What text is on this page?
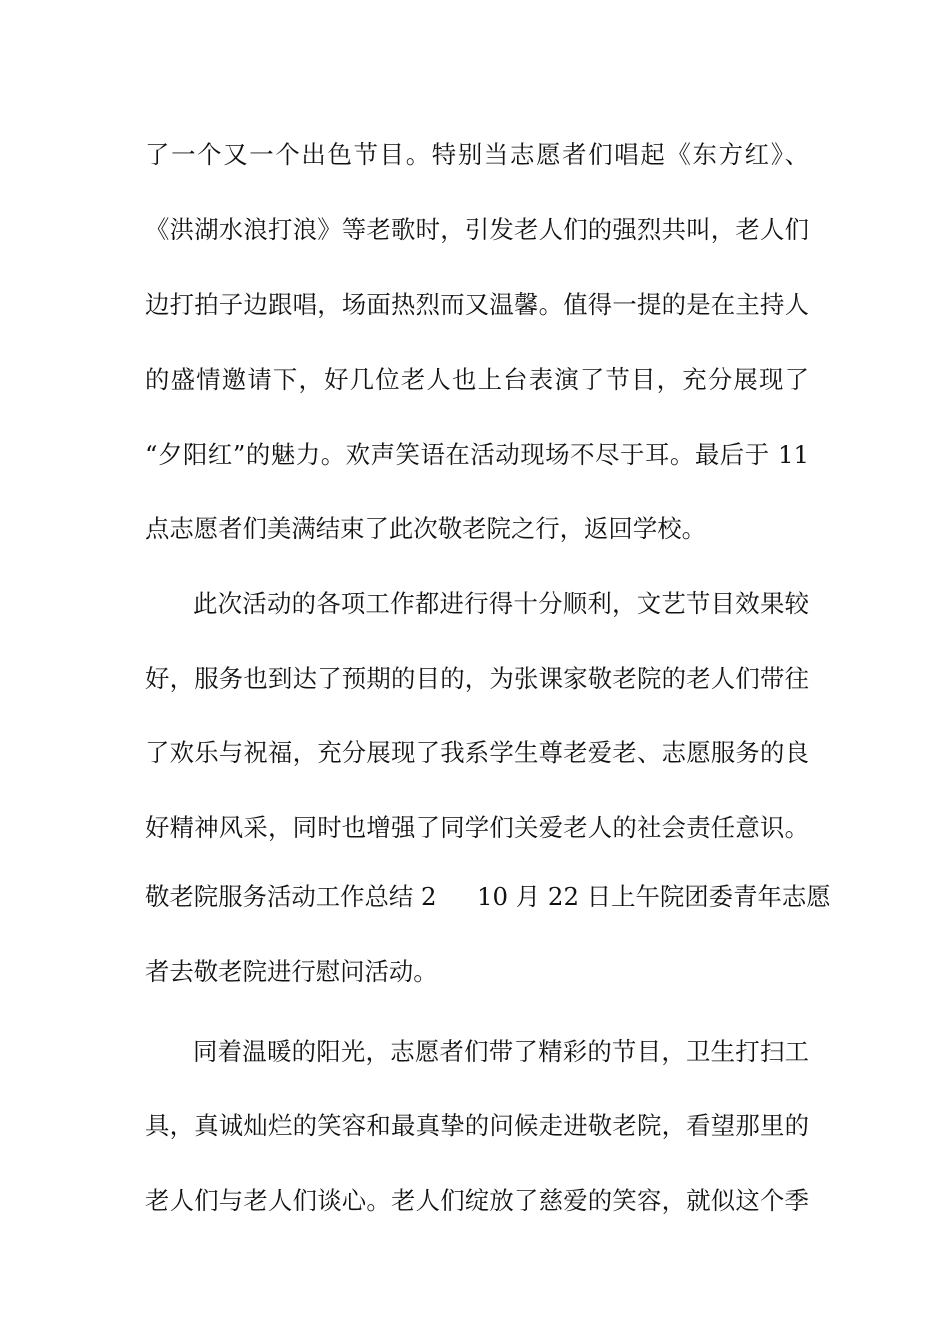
了一个又一个出色节目。特别当志愿者们唱起《东方红》、
《洪湖水浪打浪》等老歌时，引发老人们的强烈共叫，老人们
边打拍子边跟唱，场面热烈而又温馨。值得一提的是在主持人
的盛情邀请下，好几位老人也上台表演了节目，充分展现了
“夕阳红”的魅力。欢声笑语在活动现场不尽于耳。最后于 11
点志愿者们美满结束了此次敬老院之行，返回学校。
此次活动的各项工作都进行得十分顺利，文艺节目效果较
好，服务也到达了预期的目的，为张课家敬老院的老人们带往
了欢乐与祝福，充分展现了我系学生尊老爱老、志愿服务的良
好精神风采，同时也增强了同学们关爱老人的社会责任意识。
敬老院服务活动工作总结 2 10 月 22 日上午院团委青年志愿
者去敬老院进行慰问活动。
同着温暖的阳光，志愿者们带了精彩的节目，卫生打扫工
具，真诚灿烂的笑容和最真挚的问候走进敬老院，看望那里的
老人们与老人们谈心。老人们绽放了慈爱的笑容，就似这个季
